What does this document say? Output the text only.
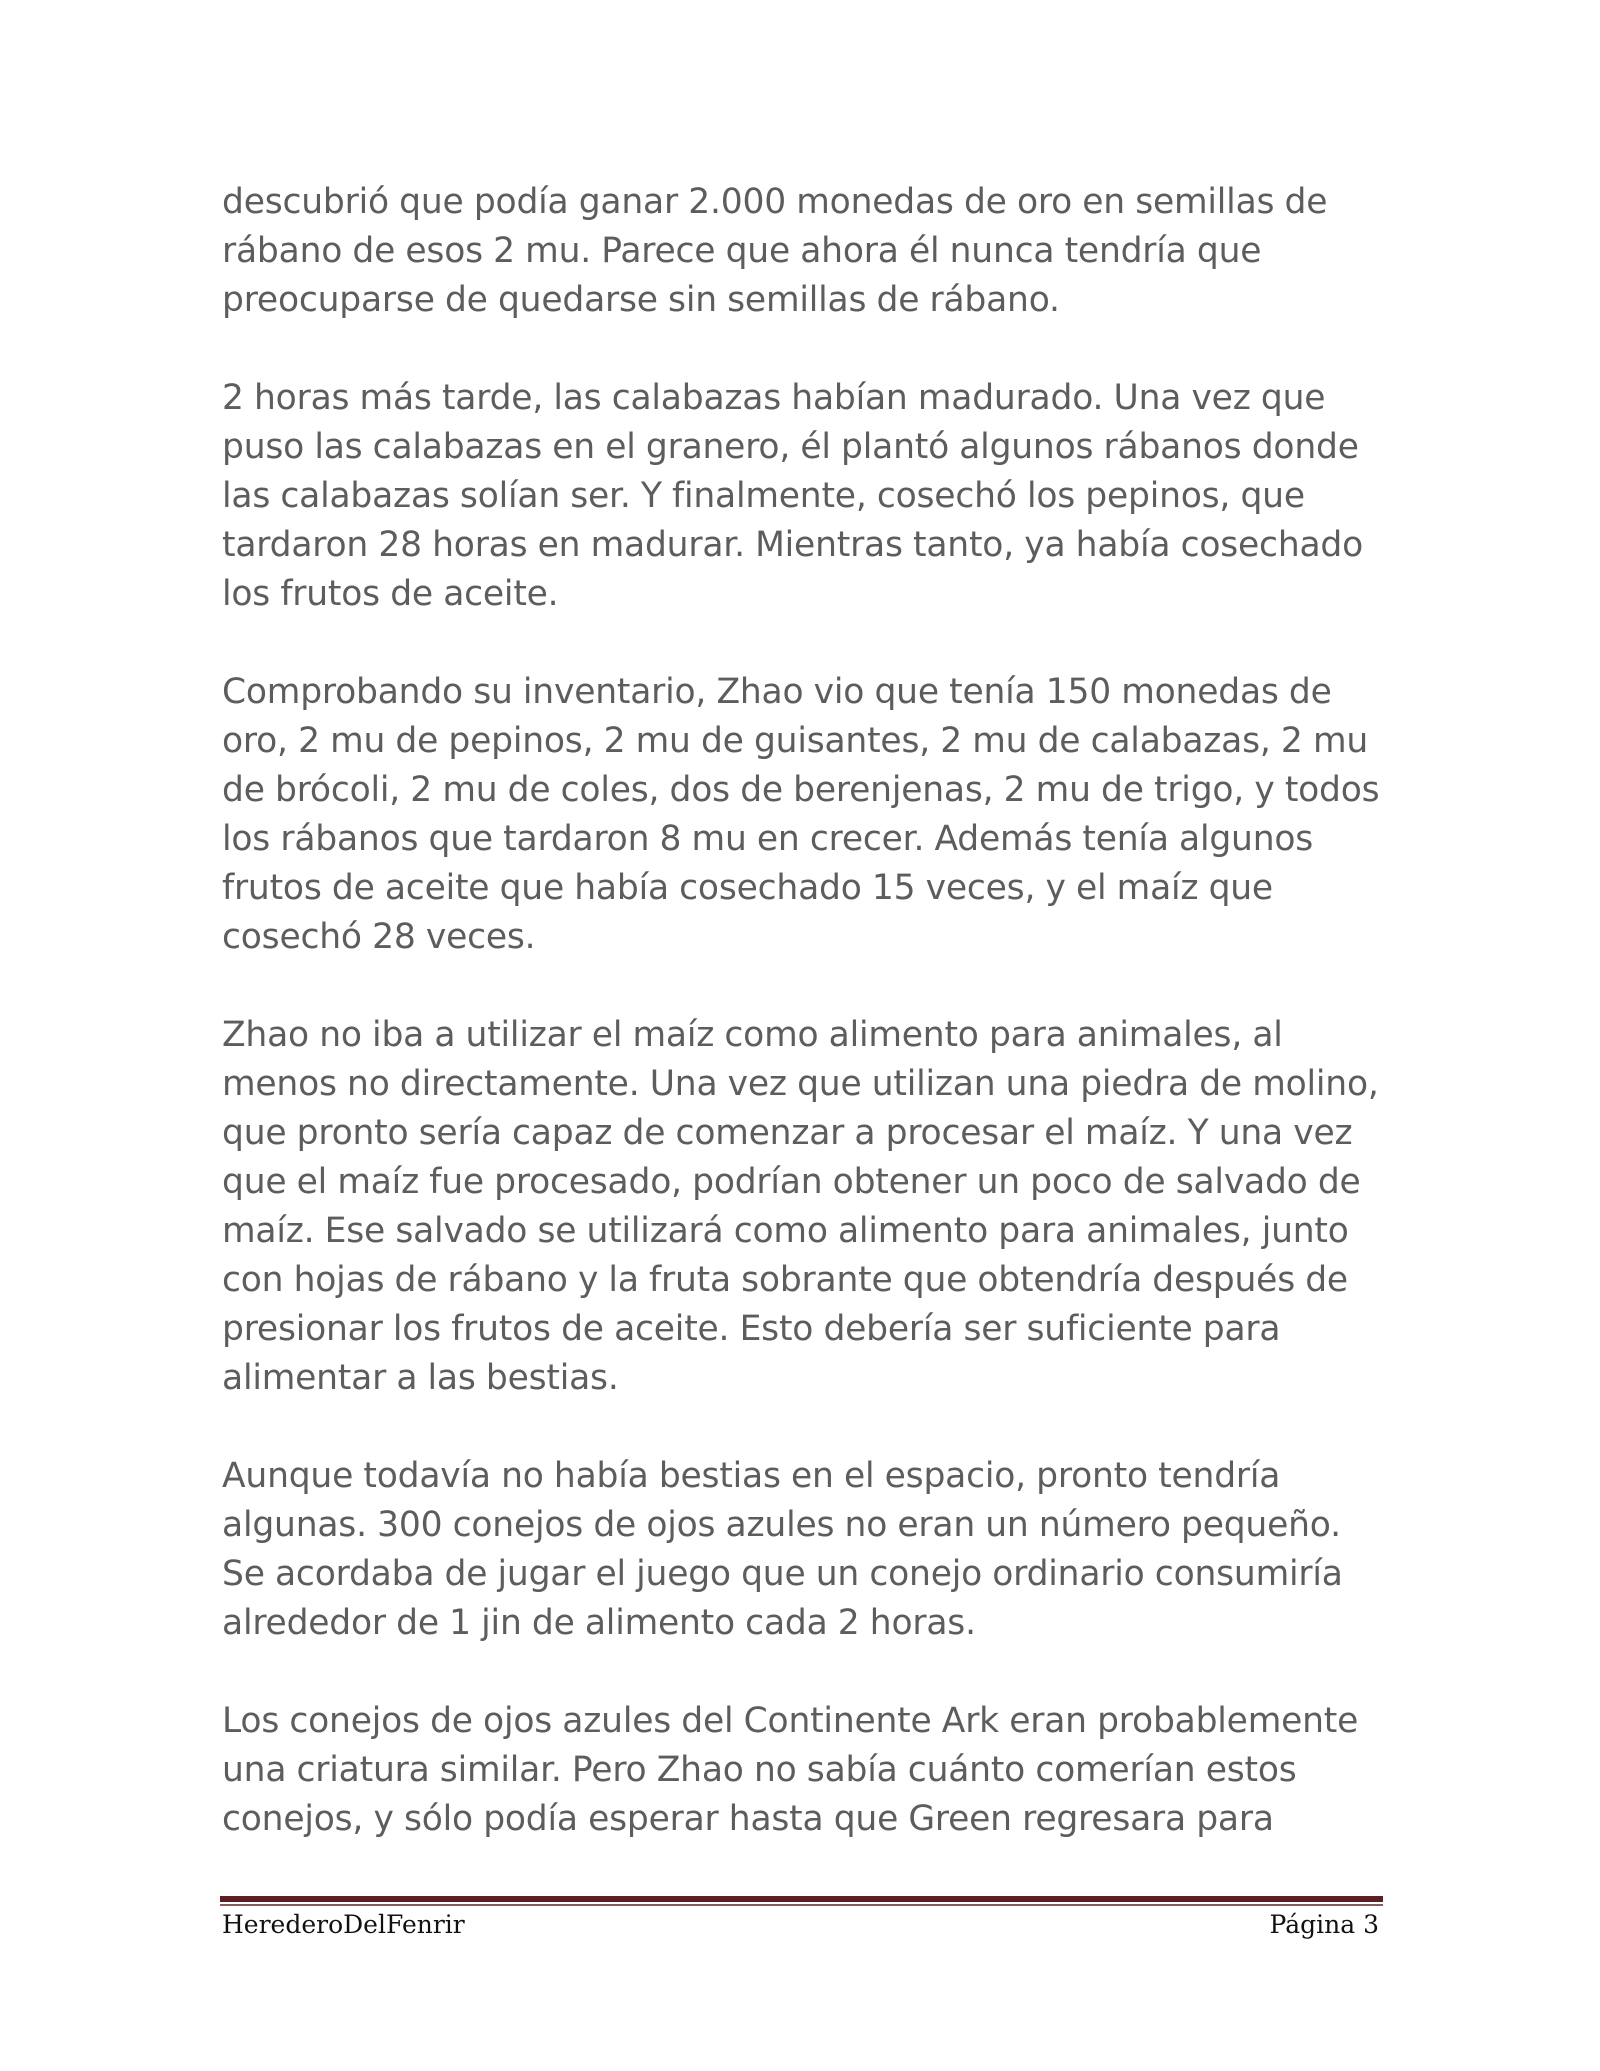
descubrió que podía ganar 2.000 monedas de oro en semillas de rábano de esos 2 mu. Parece que ahora él nunca tendría que preocuparse de quedarse sin semillas de rábano.

2 horas más tarde, las calabazas habían madurado. Una vez que puso las calabazas en el granero, él plantó algunos rábanos donde las calabazas solían ser. Y finalmente, cosechó los pepinos, que tardaron 28 horas en madurar. Mientras tanto, ya había cosechado los frutos de aceite.

Comprobando su inventario, Zhao vio que tenía 150 monedas de oro, 2 mu de pepinos, 2 mu de guisantes, 2 mu de calabazas, 2 mu de brócoli, 2 mu de coles, dos de berenjenas, 2 mu de trigo, y todos los rábanos que tardaron 8 mu en crecer. Además tenía algunos frutos de aceite que había cosechado 15 veces, y el maíz que cosechó 28 veces.

Zhao no iba a utilizar el maíz como alimento para animales, al menos no directamente. Una vez que utilizan una piedra de molino, que pronto sería capaz de comenzar a procesar el maíz. Y una vez que el maíz fue procesado, podrían obtener un poco de salvado de maíz. Ese salvado se utilizará como alimento para animales, junto con hojas de rábano y la fruta sobrante que obtendría después de presionar los frutos de aceite. Esto debería ser suficiente para alimentar a las bestias.

Aunque todavía no había bestias en el espacio, pronto tendría algunas. 300 conejos de ojos azules no eran un número pequeño. Se acordaba de jugar el juego que un conejo ordinario consumiría alrededor de 1 jin de alimento cada 2 horas.

Los conejos de ojos azules del Continente Ark eran probablemente una criatura similar. Pero Zhao no sabía cuánto comerían estos conejos, y sólo podía esperar hasta que Green regresara para

HerederoDelFenrir	Página 3
